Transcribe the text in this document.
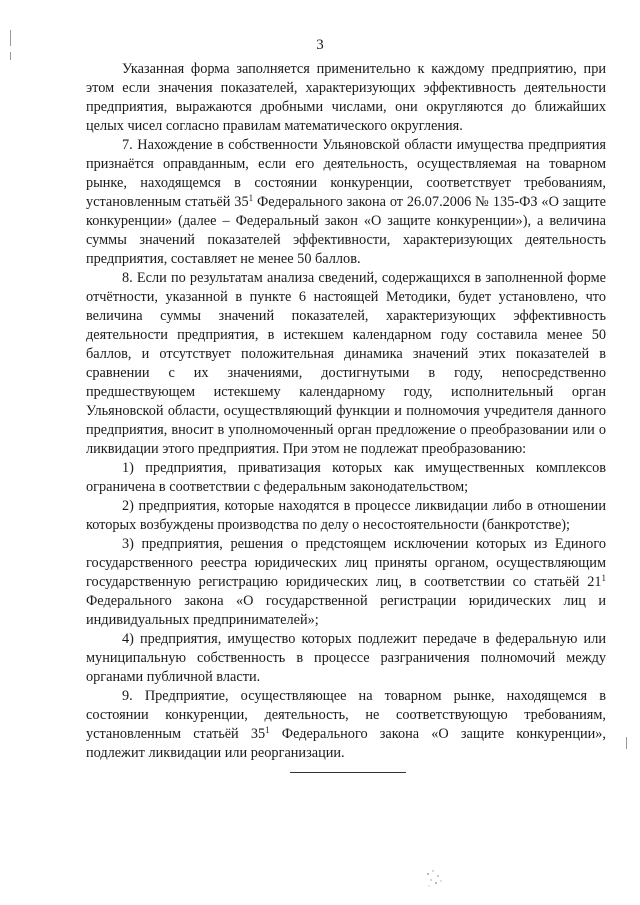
3

Указанная форма заполняется применительно к каждому предприятию, при этом если значения показателей, характеризующих эффективность деятельности предприятия, выражаются дробными числами, они округляются до ближайших целых чисел согласно правилам математического округления.

7. Нахождение в собственности Ульяновской области имущества предприятия признаётся оправданным, если его деятельность, осуществляемая на товарном рынке, находящемся в состоянии конкуренции, соответствует требованиям, установленным статьёй $35^1$ Федерального закона от 26.07.2006 № 135-ФЗ «О защите конкуренции» (далее – Федеральный закон «О защите конкуренции»), а величина суммы значений показателей эффективности, характеризующих деятельность предприятия, составляет не менее 50 баллов.

8. Если по результатам анализа сведений, содержащихся в заполненной форме отчётности, указанной в пункте 6 настоящей Методики, будет установлено, что величина суммы значений показателей, характеризующих эффективность деятельности предприятия, в истекшем календарном году составила менее 50 баллов, и отсутствует положительная динамика значений этих показателей в сравнении с их значениями, достигнутыми в году, непосредственно предшествующем истекшему календарному году, исполнительный орган Ульяновской области, осуществляющий функции и полномочия учредителя данного предприятия, вносит в уполномоченный орган предложение о преобразовании или о ликвидации этого предприятия. При этом не подлежат преобразованию:

1) предприятия, приватизация которых как имущественных комплексов ограничена в соответствии с федеральным законодательством;

2) предприятия, которые находятся в процессе ликвидации либо в отношении которых возбуждены производства по делу о несостоятельности (банкротстве);

3) предприятия, решения о предстоящем исключении которых из Единого государственного реестра юридических лиц приняты органом, осуществляющим государственную регистрацию юридических лиц, в соответствии со статьёй $21^1$ Федерального закона «О государственной регистрации юридических лиц и индивидуальных предпринимателей»;

4) предприятия, имущество которых подлежит передаче в федеральную или муниципальную собственность в процессе разграничения полномочий между органами публичной власти.

9. Предприятие, осуществляющее на товарном рынке, находящемся в состоянии конкуренции, деятельность, не соответствующую требованиям, установленным статьёй $35^1$ Федерального закона «О защите конкуренции», подлежит ликвидации или реорганизации.
